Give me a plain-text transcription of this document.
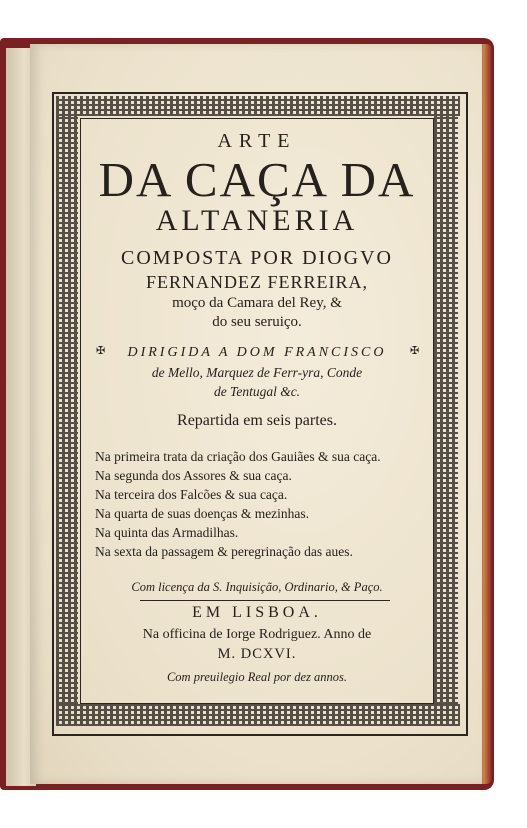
ARTE
DA CAÇA DA
ALTANERIA
COMPOSTA POR DIOGVO
FERNANDEZ FERREIRA,
moço da Camara del Rey, &
do seu seruiço.
✠	DIRIGIDA A DOM FRANCISCO	✠
de Mello, Marquez de Ferr-yra, Conde
de Tentugal &c.
Repartida em seis partes.
Na primeira trata da criação dos Gauiães & sua caça.
Na segunda dos Assores & sua caça.
Na terceira dos Falcões & sua caça.
Na quarta de suas doenças & mezinhas.
Na quinta das Armadilhas.
Na sexta da passagem & peregrinação das aues.
Com licença da S. Inquisição, Ordinario, & Paço.
EM LISBOA.
Na officina de Iorge Rodriguez. Anno de
M. DCXVI.
Com preuilegio Real por dez annos.
